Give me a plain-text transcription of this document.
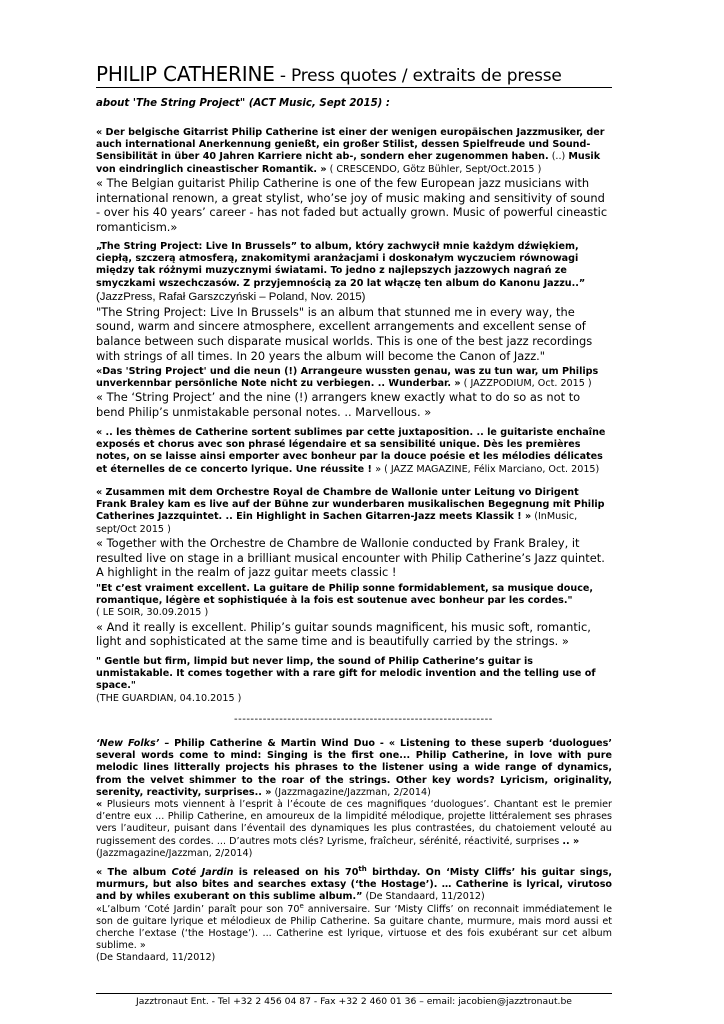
PHILIP CATHERINE - Press quotes / extraits de presse
about 'The String Project" (ACT Music, Sept 2015) :
« Der belgische Gitarrist Philip Catherine ist einer der wenigen europäischen Jazzmusiker, der auch international Anerkennung genießt, ein großer Stilist, dessen Spielfreude und Sound-Sensibilität in über 40 Jahren Karriere nicht ab-, sondern eher zugenommen haben. (..) Musik von eindringlich cineastischer Romantik. » ( CRESCENDO, Götz Bühler, Sept/Oct.2015 )
« The Belgian guitarist Philip Catherine is one of the few European jazz musicians with international renown, a great stylist, who’se joy of music making and sensitivity of sound - over his 40 years’ career - has not faded but actually grown. Music of powerful cineastic romanticism.»
„The String Project: Live In Brussels” to album, który zachwycił mnie każdym dźwiękiem, ciepłą, szczerą atmosferą, znakomitymi aranżacjami i doskonałym wyczuciem równowagi między tak różnymi muzycznymi światami. To jedno z najlepszych jazzowych nagrań ze smyczkami wszechczasów. Z przyjemnością za 20 lat włączę ten album do Kanonu Jazzu..”
(JazzPress, Rafał Garszczyński – Poland, Nov. 2015)
"The String Project: Live In Brussels" is an album that stunned me in every way, the sound, warm and sincere atmosphere, excellent arrangements and excellent sense of balance between such disparate musical worlds. This is one of the best jazz recordings with strings of all times. In 20 years the album will become the Canon of Jazz."
«Das 'String Project' und die neun (!) Arrangeure wussten genau, was zu tun war, um Philips unverkennbar persönliche Note nicht zu verbiegen. .. Wunderbar. » ( JAZZPODIUM, Oct. 2015 )
« The ‘String Project’ and the nine (!) arrangers knew exactly what to do so as not to bend Philip’s unmistakable personal notes. .. Marvellous. »
« .. les thèmes de Catherine sortent sublimes par cette juxtaposition. .. le guitariste enchaîne exposés et chorus avec son phrasé légendaire et sa sensibilité unique. Dès les premières notes, on se laisse ainsi emporter avec bonheur par la douce poésie et les mélodies délicates et éternelles de ce concerto lyrique. Une réussite ! » ( JAZZ MAGAZINE, Félix Marciano, Oct. 2015)
« Zusammen mit dem Orchestre Royal de Chambre de Wallonie unter Leitung vo Dirigent Frank Braley kam es live auf der Bühne zur wunderbaren musikalischen Begegnung mit Philip Catherines Jazzquintet. .. Ein Highlight in Sachen Gitarren-Jazz meets Klassik ! » (InMusic, sept/Oct 2015 )
« Together with the Orchestre de Chambre de Wallonie conducted by Frank Braley, it resulted live on stage in a brilliant musical encounter with Philip Catherine’s Jazz quintet. A highlight in the realm of jazz guitar meets classic !
"Et c’est vraiment excellent. La guitare de Philip sonne formidablement, sa musique douce, romantique, légère et sophistiquée à la fois est soutenue avec bonheur par les cordes."
( LE SOIR, 30.09.2015 )
« And it really is excellent. Philip’s guitar sounds magnificent, his music soft, romantic, light and sophisticated at the same time and is beautifully carried by the strings. »
" Gentle but firm, limpid but never limp, the sound of Philip Catherine’s guitar is unmistakable. It comes together with a rare gift for melodic invention and the telling use of space."
(THE GUARDIAN, 04.10.2015 )
---------------------------------------------------------------
‘New Folks’ – Philip Catherine & Martin Wind Duo - « Listening to these superb ‘duologues’ several words come to mind: Singing is the first one... Philip Catherine, in love with pure melodic lines litterally projects his phrases to the listener using a wide range of dynamics, from the velvet shimmer to the roar of the strings. Other key words? Lyricism, originality, serenity, reactivity, surprises.. » (Jazzmagazine/Jazzman, 2/2014)
« Plusieurs mots viennent à l’esprit à l’écoute de ces magnifiques ‘duologues’. Chantant est le premier d’entre eux ... Philip Catherine, en amoureux de la limpidité mélodique, projette littéralement ses phrases vers l’auditeur, puisant dans l’éventail des dynamiques les plus contrastées, du chatoiement velouté au rugissement des cordes. ... D’autres mots clés? Lyrisme, fraîcheur, sérénité, réactivité, surprises .. »
(Jazzmagazine/Jazzman, 2/2014)
« The album Coté Jardin is released on his 70th birthday. On ‘Misty Cliffs’ his guitar sings, murmurs, but also bites and searches extasy (‘the Hostage’). … Catherine is lyrical, virutoso and by whiles exuberant on this sublime album.” (De Standaard, 11/2012)
«L’album ‘Coté Jardin’ paraît pour son 70e anniversaire. Sur ‘Misty Cliffs’ on reconnait immédiatement le son de guitare lyrique et mélodieux de Philip Catherine. Sa guitare chante, murmure, mais mord aussi et cherche l’extase (‘the Hostage’). ... Catherine est lyrique, virtuose et des fois exubérant sur cet album sublime. »
(De Standaard, 11/2012)
Jazztronaut Ent. - Tel +32 2 456 04 87 - Fax +32 2 460 01 36 – email: jacobien@jazztronaut.be
